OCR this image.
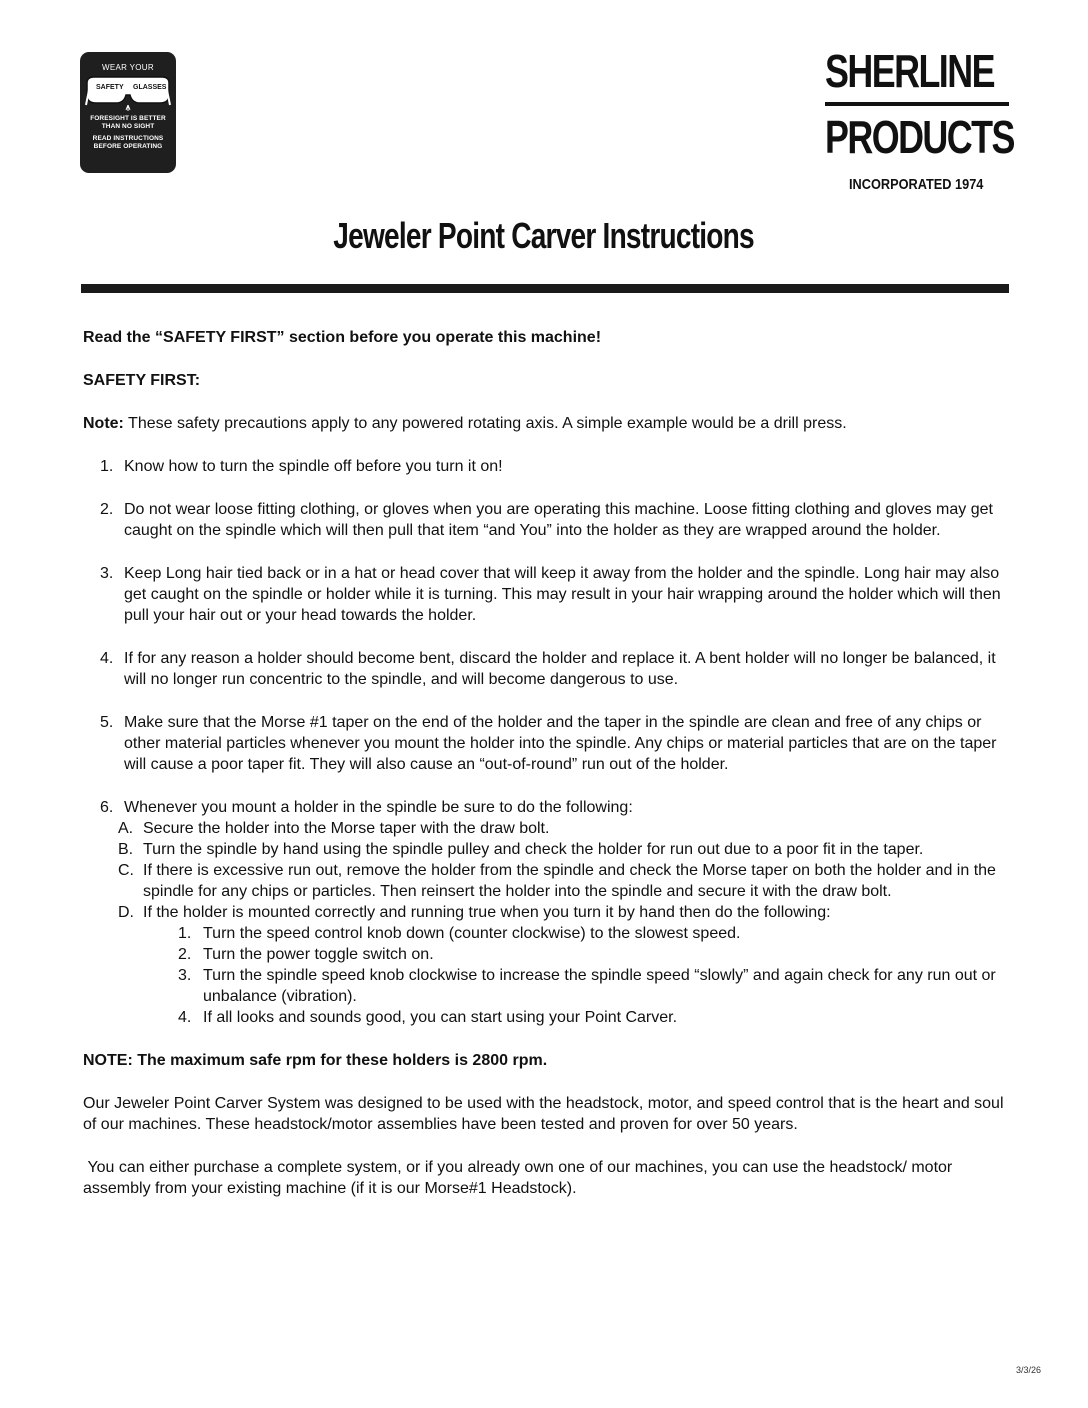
WEAR YOUR
SAFETY GLASSES
FORESIGHT IS BETTER
THAN NO SIGHT
READ INSTRUCTIONS
BEFORE OPERATING
SHERLINE
PRODUCTS
INCORPORATED 1974
Jeweler Point Carver Instructions

Read the “SAFETY FIRST” section before you operate this machine!

SAFETY FIRST:

Note: These safety precautions apply to any powered rotating axis. A simple example would be a drill press.

1. Know how to turn the spindle off before you turn it on!
2. Do not wear loose fitting clothing, or gloves when you are operating this machine. Loose fitting clothing and gloves may get caught on the spindle which will then pull that item “and You” into the holder as they are wrapped around the holder.
3. Keep Long hair tied back or in a hat or head cover that will keep it away from the holder and the spindle. Long hair may also get caught on the spindle or holder while it is turning. This may result in your hair wrapping around the holder which will then pull your hair out or your head towards the holder.
4. If for any reason a holder should become bent, discard the holder and replace it. A bent holder will no longer be balanced, it will no longer run concentric to the spindle, and will become dangerous to use.
5. Make sure that the Morse #1 taper on the end of the holder and the taper in the spindle are clean and free of any chips or other material particles whenever you mount the holder into the spindle. Any chips or material particles that are on the taper will cause a poor taper fit. They will also cause an “out-of-round” run out of the holder.
6. Whenever you mount a holder in the spindle be sure to do the following:
A. Secure the holder into the Morse taper with the draw bolt.
B. Turn the spindle by hand using the spindle pulley and check the holder for run out due to a poor fit in the taper.
C. If there is excessive run out, remove the holder from the spindle and check the Morse taper on both the holder and in the spindle for any chips or particles. Then reinsert the holder into the spindle and secure it with the draw bolt.
D. If the holder is mounted correctly and running true when you turn it by hand then do the following:
1. Turn the speed control knob down (counter clockwise) to the slowest speed.
2. Turn the power toggle switch on.
3. Turn the spindle speed knob clockwise to increase the spindle speed “slowly” and again check for any run out or unbalance (vibration).
4. If all looks and sounds good, you can start using your Point Carver.

NOTE: The maximum safe rpm for these holders is 2800 rpm.

Our Jeweler Point Carver System was designed to be used with the headstock, motor, and speed control that is the heart and soul of our machines. These headstock/motor assemblies have been tested and proven for over 50 years.

You can either purchase a complete system, or if you already own one of our machines, you can use the headstock/ motor assembly from your existing machine (if it is our Morse#1 Headstock).

3/3/26
